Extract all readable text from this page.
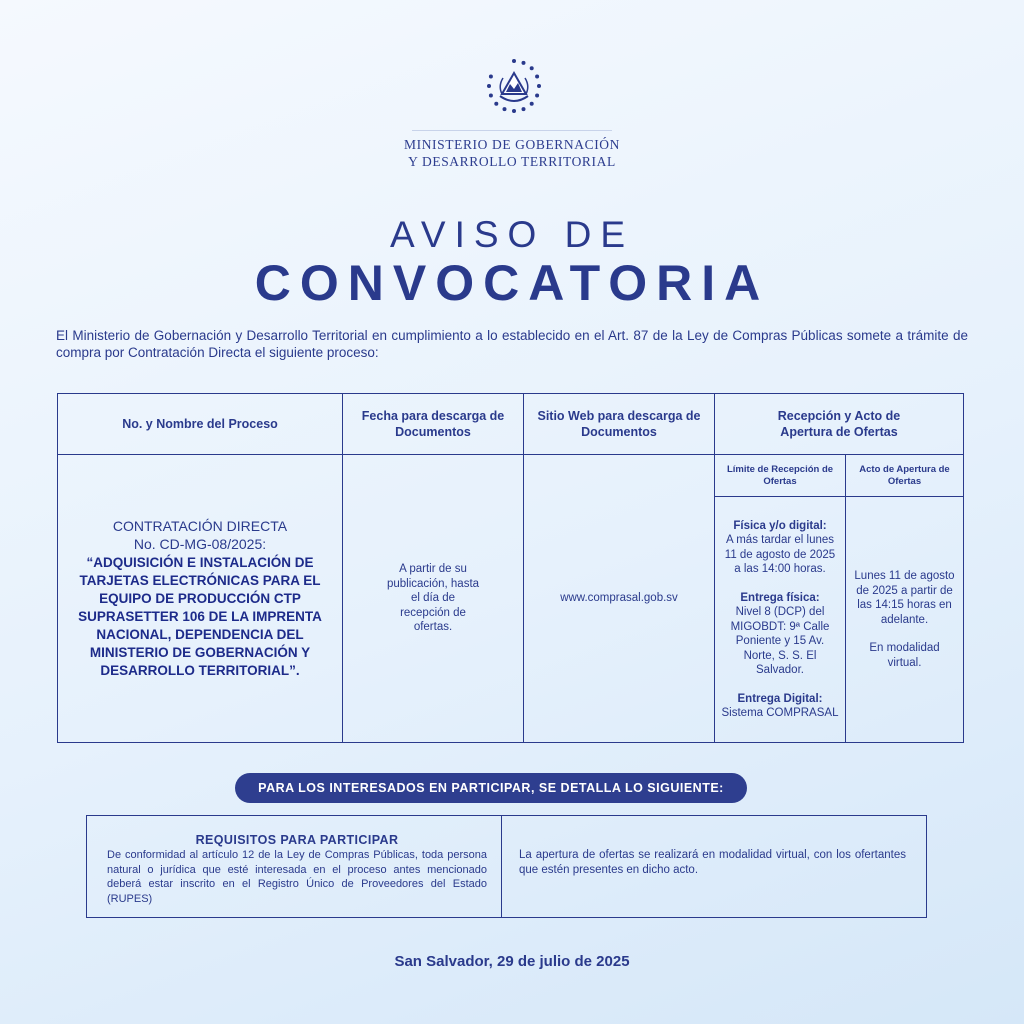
MINISTERIO DE GOBERNACIÓN
Y DESARROLLO TERRITORIAL
AVISO DE
CONVOCATORIA
El Ministerio de Gobernación y Desarrollo Territorial en cumplimiento a lo establecido en el Art. 87 de la Ley de Compras Públicas somete a trámite de compra por Contratación Directa el siguiente proceso:
No. y Nombre del Proceso
Fecha para descarga de Documentos
Sitio Web para descarga de Documentos
Recepción y Acto de Apertura de Ofertas
Límite de Recepción de Ofertas
Acto de Apertura de Ofertas
CONTRATACIÓN DIRECTA
No. CD-MG-08/2025:
“ADQUISICIÓN E INSTALACIÓN DE TARJETAS ELECTRÓNICAS PARA EL EQUIPO DE PRODUCCIÓN CTP SUPRASETTER 106 DE LA IMPRENTA NACIONAL, DEPENDENCIA DEL MINISTERIO DE GOBERNACIÓN Y DESARROLLO TERRITORIAL”.
A partir de su publicación, hasta el día de recepción de ofertas.
www.comprasal.gob.sv

Física y/o digital:

A más tardar el lunes 11 de agosto de 2025 a las 14:00 horas.

Entrega física:

Nivel 8 (DCP) del MIGOBDT: 9ª Calle Poniente y 15 Av. Norte, S. S. El Salvador.

Entrega Digital:

Sistema COMPRASAL

Lunes 11 de agosto de 2025 a partir de las 14:15 horas en adelante.

En modalidad virtual.

PARA LOS INTERESADOS EN PARTICIPAR, SE DETALLA LO SIGUIENTE:
REQUISITOS PARA PARTICIPAR
De conformidad al artículo 12 de la Ley de Compras Públicas, toda persona natural o jurídica que esté interesada en el proceso antes mencionado deberá estar inscrito en el Registro Único de Proveedores del Estado (RUPES)
La apertura de ofertas se realizará en modalidad virtual, con los ofertantes que estén presentes en dicho acto.
San Salvador, 29 de julio de 2025
